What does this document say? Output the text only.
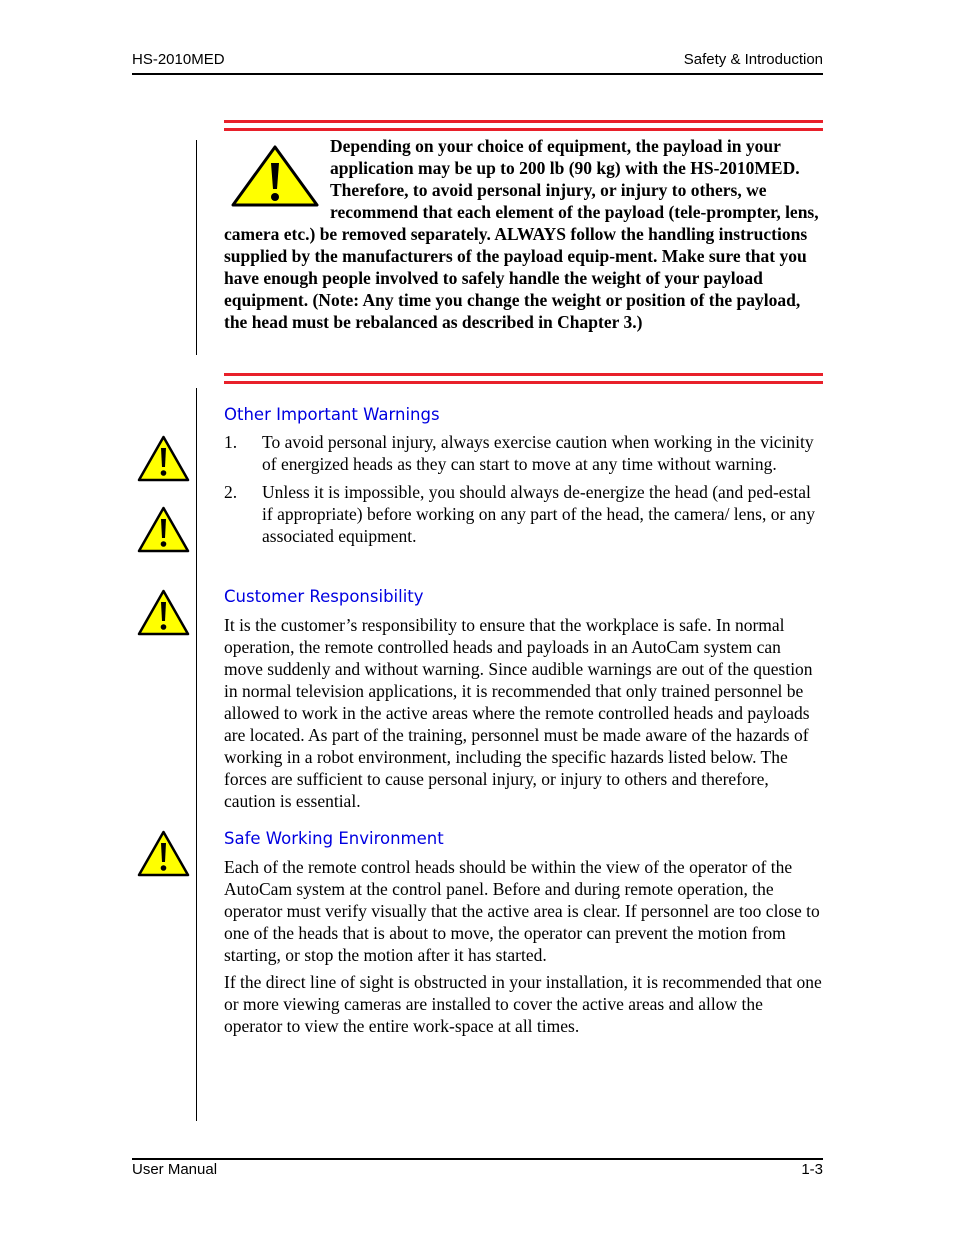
HS-2010MED	Safety & Introduction

Depending on your choice of equipment, the payload in your application may be up to 200 lb (90 kg) with the HS-2010MED. Therefore, to avoid personal injury, or injury to others, we recommend that each element of the payload (tele-prompter, lens, camera etc.) be removed separately. ALWAYS follow the handling instructions supplied by the manufacturers of the payload equip-ment. Make sure that you have enough people involved to safely handle the weight of your payload equipment. (Note: Any time you change the weight or position of the payload, the head must be rebalanced as described in Chapter 3.)

Other Important Warnings
1. To avoid personal injury, always exercise caution when working in the vicinity of energized heads as they can start to move at any time without warning.
2. Unless it is impossible, you should always de-energize the head (and ped-estal if appropriate) before working on any part of the head, the camera/ lens, or any associated equipment.
Customer Responsibility

It is the customer’s responsibility to ensure that the workplace is safe. In normal operation, the remote controlled heads and payloads in an AutoCam system can move suddenly and without warning. Since audible warnings are out of the question in normal television applications, it is recommended that only trained personnel be allowed to work in the active areas where the remote controlled heads and payloads are located. As part of the training, personnel must be made aware of the hazards of working in a robot environment, including the specific hazards listed below. The forces are sufficient to cause personal injury, or injury to others and therefore, caution is essential.

Safe Working Environment

Each of the remote control heads should be within the view of the operator of the AutoCam system at the control panel. Before and during remote operation, the operator must verify visually that the active area is clear. If personnel are too close to one of the heads that is about to move, the operator can prevent the motion from starting, or stop the motion after it has started.

If the direct line of sight is obstructed in your installation, it is recommended that one or more viewing cameras are installed to cover the active areas and allow the operator to view the entire work-space at all times.

User Manual	1-3
